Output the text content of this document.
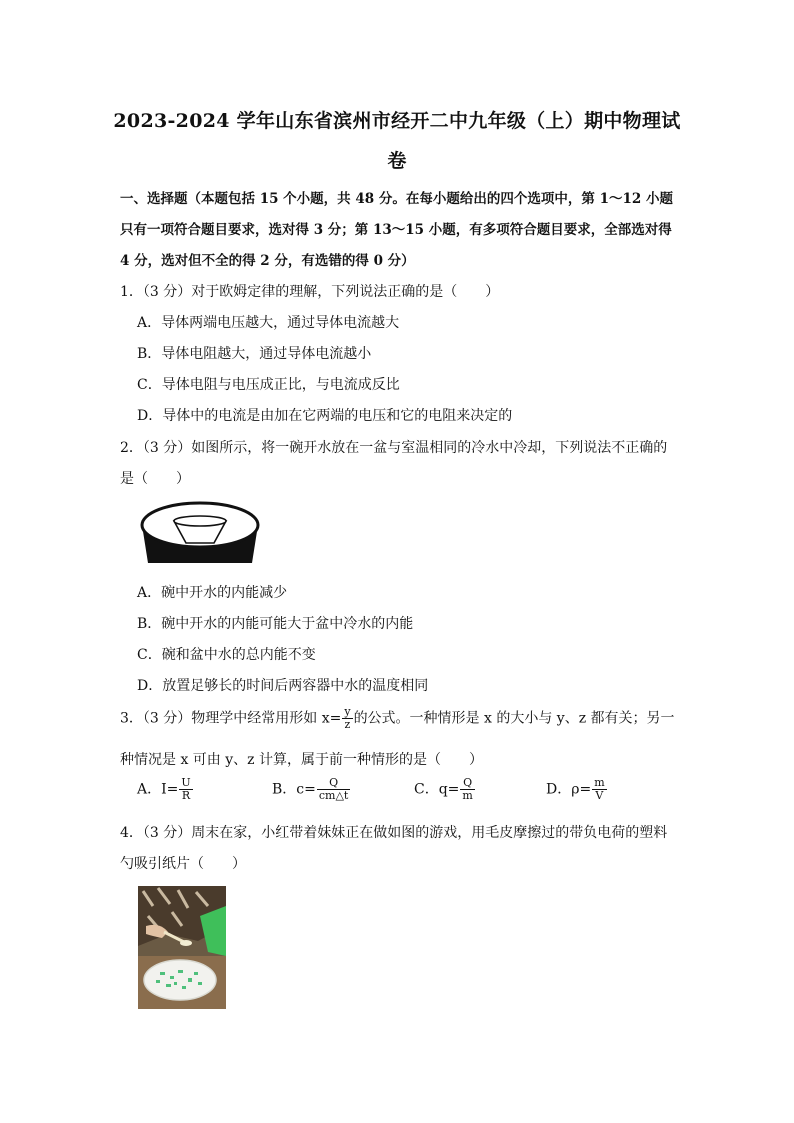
2023-2024 学年山东省滨州市经开二中九年级（上）期中物理试
卷
一、选择题（本题包括 15 个小题，共 48 分。在每小题给出的四个选项中，第 1～12 小题
只有一项符合题目要求，选对得 3 分；第 13～15 小题，有多项符合题目要求，全部选对得
4 分，选对但不全的得 2 分，有选错的得 0 分）
1．（3 分）对于欧姆定律的理解，下列说法正确的是（　　）
A．导体两端电压越大，通过导体电流越大
B．导体电阻越大，通过导体电流越小
C．导体电阻与电压成正比，与电流成反比
D．导体中的电流是由加在它两端的电压和它的电阻来决定的
2．（3 分）如图所示，将一碗开水放在一盆与室温相同的冷水中冷却，下列说法不正确的
是（　　）
A．碗中开水的内能减少
B．碗中开水的内能可能大于盆中冷水的内能
C．碗和盆中水的总内能不变
D．放置足够长的时间后两容器中水的温度相同
3．（3 分）物理学中经常用形如 $x= \frac{y}{z}$ 的公式。一种情形是 x 的大小与 y、z 都有关；另一
种情况是 x 可由 y、z 计算，属于前一种情形的是（　　）
A．$I= \frac{U}{R}$	B．$c= \frac{Q}{cm\triangle t}$	C．$q= \frac{Q}{m}$	D．$\rho= \frac{m}{V}$
4．（3 分）周末在家，小红带着妹妹正在做如图的游戏，用毛皮摩擦过的带负电荷的塑料
勺吸引纸片（　　）
